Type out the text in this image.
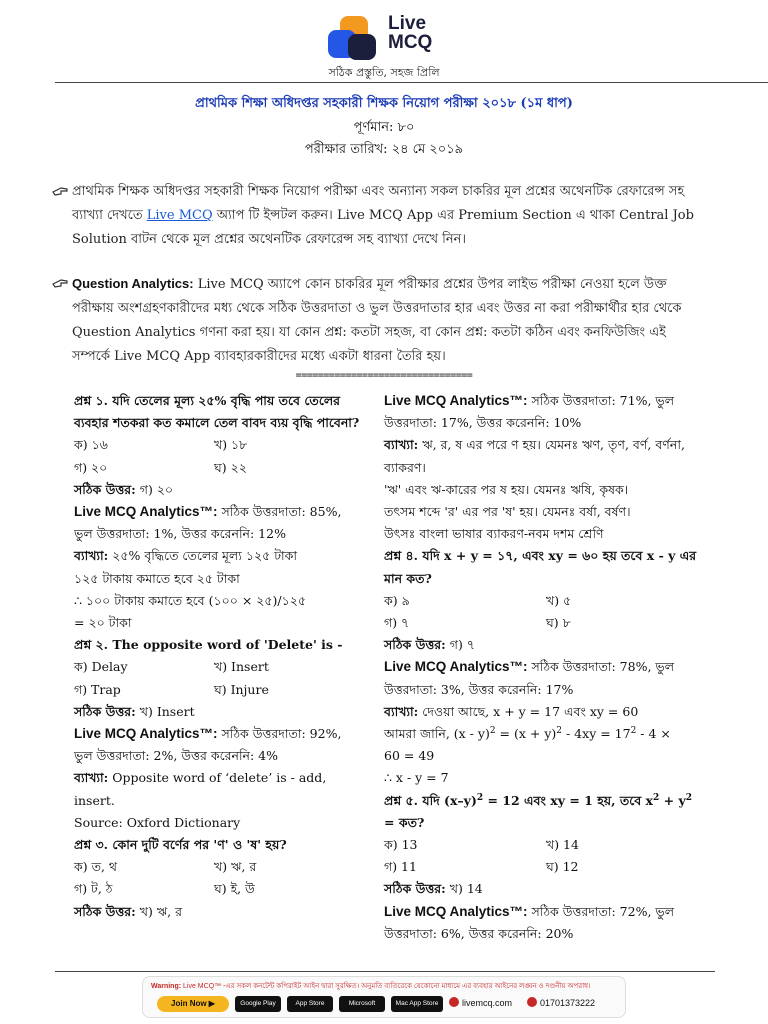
Live
MCQ
সঠিক প্রস্তুতি, সহজ প্রিলি
প্রাথমিক শিক্ষা অধিদপ্তর সহকারী শিক্ষক নিয়োগ পরীক্ষা ২০১৮ (১ম ধাপ)
পূর্ণমান: ৮০
পরীক্ষার তারিখ: ২৪ মে ২০১৯
প্রাথমিক শিক্ষক অধিদপ্তর সহকারী শিক্ষক নিয়োগ পরীক্ষা এবং অন্যান্য সকল চাকরির মূল প্রশ্নের অথেনটিক রেফারেন্স সহ ব্যাখ্যা দেখতে Live MCQ অ্যাপ টি ইন্সটল করুন। Live MCQ App এর Premium Section এ থাকা Central Job Solution বাটন থেকে মূল প্রশ্নের অথেনটিক রেফারেন্স সহ ব্যাখ্যা দেখে নিন।
Question Analytics: Live MCQ অ্যাপে কোন চাকরির মূল পরীক্ষার প্রশ্নের উপর লাইভ পরীক্ষা নেওয়া হলে উক্ত পরীক্ষায় অংশগ্রহণকারীদের মধ্য থেকে সঠিক উত্তরদাতা ও ভুল উত্তরদাতার হার এবং উত্তর না করা পরীক্ষার্থীর হার থেকে Question Analytics গণনা করা হয়। যা কোন প্রশ্ন: কতটা সহজ, বা কোন প্রশ্ন: কতটা কঠিন এবং কনফিউজিং এই সম্পর্কে Live MCQ App ব্যাবহারকারীদের মধ্যে একটা ধারনা তৈরি হয়।
================================
প্রশ্ন ১. যদি তেলের মূল্য ২৫% বৃদ্ধি পায় তবে তেলের ব্যবহার শতকরা কত কমালে তেল বাবদ ব্যয় বৃদ্ধি পাবেনা?
ক) ১৬	খ) ১৮
গ) ২০	ঘ) ২২
সঠিক উত্তর: গ) ২০
Live MCQ Analytics™: সঠিক উত্তরদাতা: 85%, ভুল উত্তরদাতা: 1%, উত্তর করেননি: 12%
ব্যাখ্যা: ২৫% বৃদ্ধিতে তেলের মূল্য ১২৫ টাকা
১২৫ টাকায় কমাতে হবে ২৫ টাকা
∴ ১০০ টাকায় কমাতে হবে (১০০ × ২৫)/১২৫
= ২০ টাকা
প্রশ্ন ২. The opposite word of 'Delete' is -
ক) Delay	খ) Insert
গ) Trap	ঘ) Injure
সঠিক উত্তর: খ) Insert
Live MCQ Analytics™: সঠিক উত্তরদাতা: 92%, ভুল উত্তরদাতা: 2%, উত্তর করেননি: 4%
ব্যাখ্যা: Opposite word of ‘delete’ is - add, insert.
Source: Oxford Dictionary
প্রশ্ন ৩. কোন দুটি বর্ণের পর 'ণ' ও 'ষ' হয়?
ক) ত, থ	খ) ঋ, র
গ) ট, ঠ	ঘ) ই, উ
সঠিক উত্তর: খ) ঋ, র
Live MCQ Analytics™: সঠিক উত্তরদাতা: 71%, ভুল উত্তরদাতা: 17%, উত্তর করেননি: 10%
ব্যাখ্যা: ঋ, র, ষ এর পরে ণ হয়। যেমনঃ ঋণ, তৃণ, বর্ণ, বর্ণনা, ব্যাকরণ।
'ঋ' এবং ঋ-কারের পর ষ হয়। যেমনঃ ঋষি, কৃষক।
তৎসম শব্দে 'র' এর পর 'ষ' হয়। যেমনঃ বর্ষা, বর্ষণ।
উৎসঃ বাংলা ভাষার ব্যাকরণ-নবম দশম শ্রেণি
প্রশ্ন ৪. যদি x + y = ১৭, এবং xy = ৬০ হয় তবে x - y এর মান কত?
ক) ৯	খ) ৫
গ) ৭	ঘ) ৮
সঠিক উত্তর: গ) ৭
Live MCQ Analytics™: সঠিক উত্তরদাতা: 78%, ভুল উত্তরদাতা: 3%, উত্তর করেননি: 17%
ব্যাখ্যা: দেওয়া আছে, x + y = 17 এবং xy = 60
আমরা জানি, $(x - y)^2 = (x + y)^2 - 4xy = 17^2 - 4$ ×
60 = 49
∴ x - y = 7
প্রশ্ন ৫. যদি $(x-y)^2 = 12$ এবং xy = 1 হয়, তবে $x^2 + y^2$ = কত?
ক) 13	খ) 14
গ) 11	ঘ) 12
সঠিক উত্তর: খ) 14
Live MCQ Analytics™: সঠিক উত্তরদাতা: 72%, ভুল উত্তরদাতা: 6%, উত্তর করেননি: 20%
Warning: Live MCQ™ -এর সকল কনটেন্ট কপিরাইট আইন দ্বারা সুরক্ষিত। অনুমতি ব্যতিরেকে যেকোনো মাধ্যমে এর ব্যবহার আইনের লঙ্ঘন ও দণ্ডনীয় অপরাধ।
Join Now ▶	Google Play	App Store	Microsoft	Mac App Store	livemcq.com	01701373222
